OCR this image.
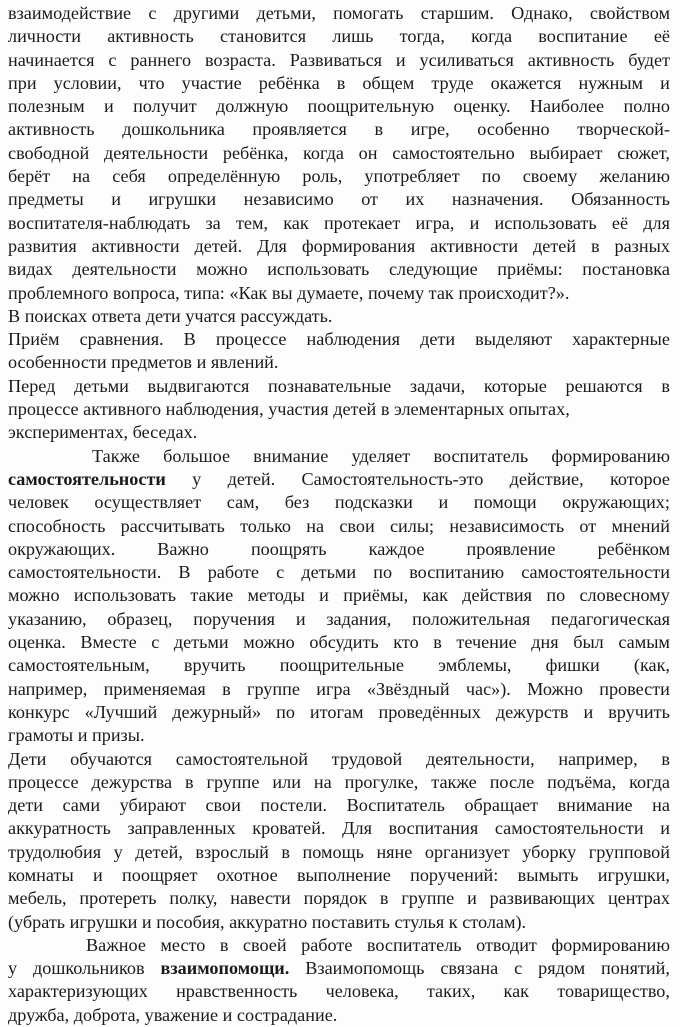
взаимодействие с другими детьми, помогать старшим. Однако, свойством
личности активность становится лишь тогда, когда воспитание её
начинается с раннего возраста. Развиваться и усиливаться активность будет
при условии, что участие ребёнка в общем труде окажется нужным и
полезным и получит должную поощрительную оценку. Наиболее полно
активность дошкольника проявляется в игре, особенно творческой-
свободной деятельности ребёнка, когда он самостоятельно выбирает сюжет,
берёт на себя определённую роль, употребляет по своему желанию
предметы и игрушки независимо от их назначения. Обязанность
воспитателя-наблюдать за тем, как протекает игра, и использовать её для
развития активности детей. Для формирования активности детей в разных
видах деятельности можно использовать следующие приёмы: постановка
проблемного вопроса, типа: «Как вы думаете, почему так происходит?».
В поисках ответа дети учатся рассуждать.
Приём сравнения. В процессе наблюдения дети выделяют характерные
особенности предметов и явлений.
Перед детьми выдвигаются познавательные задачи, которые решаются в
процессе активного наблюдения, участия детей в элементарных опытах,
экспериментах, беседах.
Также большое внимание уделяет воспитатель формированию
самостоятельности у детей. Самостоятельность-это действие, которое
человек осуществляет сам, без подсказки и помощи окружающих;
способность рассчитывать только на свои силы; независимость от мнений
окружающих. Важно поощрять каждое проявление ребёнком
самостоятельности. В работе с детьми по воспитанию самостоятельности
можно использовать такие методы и приёмы, как действия по словесному
указанию, образец, поручения и задания, положительная педагогическая
оценка. Вместе с детьми можно обсудить кто в течение дня был самым
самостоятельным, вручить поощрительные эмблемы, фишки (как,
например, применяемая в группе игра «Звёздный час»). Можно провести
конкурс «Лучший дежурный» по итогам проведённых дежурств и вручить
грамоты и призы.
Дети обучаются самостоятельной трудовой деятельности, например, в
процессе дежурства в группе или на прогулке, также после подъёма, когда
дети сами убирают свои постели. Воспитатель обращает внимание на
аккуратность заправленных кроватей. Для воспитания самостоятельности и
трудолюбия у детей, взрослый в помощь няне организует уборку групповой
комнаты и поощряет охотное выполнение поручений: вымыть игрушки,
мебель, протереть полку, навести порядок в группе и развивающих центрах
(убрать игрушки и пособия, аккуратно поставить стулья к столам).
Важное место в своей работе воспитатель отводит формированию
у дошкольников взаимопомощи. Взаимопомощь связана с рядом понятий,
характеризующих нравственность человека, таких, как товарищество,
дружба, доброта, уважение и сострадание.
